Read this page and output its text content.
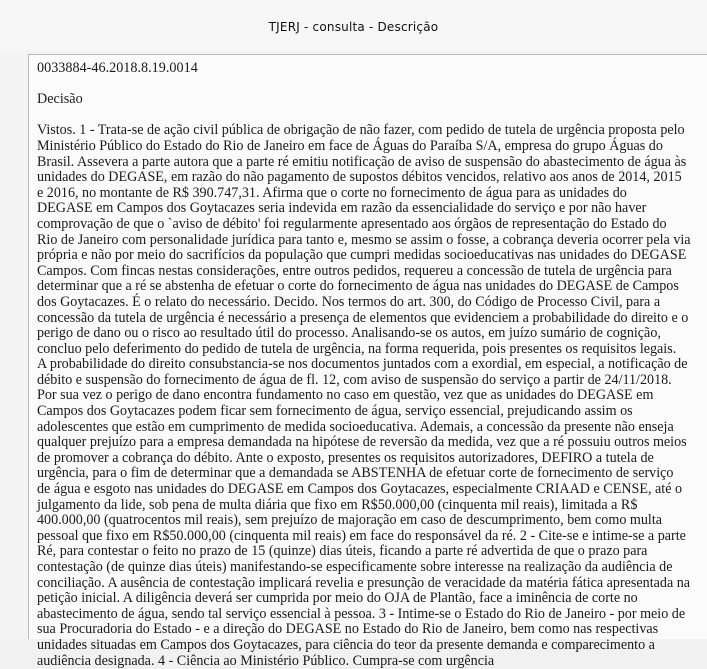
TJERJ - consulta - Descrição
0033884-46.2018.8.19.0014
Decisão
Vistos. 1 - Trata-se de ação civil pública de obrigação de não fazer, com pedido de tutela de urgência proposta pelo
Ministério Público do Estado do Rio de Janeiro em face de Águas do Paraíba S/A, empresa do grupo Águas do
Brasil. Assevera a parte autora que a parte ré emitiu notificação de aviso de suspensão do abastecimento de água às
unidades do DEGASE, em razão do não pagamento de supostos débitos vencidos, relativo aos anos de 2014, 2015
e 2016, no montante de R$ 390.747,31. Afirma que o corte no fornecimento de água para as unidades do
DEGASE em Campos dos Goytacazes seria indevida em razão da essencialidade do serviço e por não haver
comprovação de que o `aviso de débito' foi regularmente apresentado aos órgãos de representação do Estado do
Rio de Janeiro com personalidade jurídica para tanto e, mesmo se assim o fosse, a cobrança deveria ocorrer pela via
própria e não por meio do sacrifícios da população que cumpri medidas socioeducativas nas unidades do DEGASE
Campos. Com fincas nestas considerações, entre outros pedidos, requereu a concessão de tutela de urgência para
determinar que a ré se abstenha de efetuar o corte do fornecimento de água nas unidades do DEGASE de Campos
dos Goytacazes. É o relato do necessário. Decido. Nos termos do art. 300, do Código de Processo Civil, para a
concessão da tutela de urgência é necessário a presença de elementos que evidenciem a probabilidade do direito e o
perigo de dano ou o risco ao resultado útil do processo. Analisando-se os autos, em juízo sumário de cognição,
concluo pelo deferimento do pedido de tutela de urgência, na forma requerida, pois presentes os requisitos legais.
A probabilidade do direito consubstancia-se nos documentos juntados com a exordial, em especial, a notificação de
débito e suspensão do fornecimento de água de fl. 12, com aviso de suspensão do serviço a partir de 24/11/2018.
Por sua vez o perigo de dano encontra fundamento no caso em questão, vez que as unidades do DEGASE em
Campos dos Goytacazes podem ficar sem fornecimento de água, serviço essencial, prejudicando assim os
adolescentes que estão em cumprimento de medida socioeducativa. Ademais, a concessão da presente não enseja
qualquer prejuízo para a empresa demandada na hipótese de reversão da medida, vez que a ré possuiu outros meios
de promover a cobrança do débito. Ante o exposto, presentes os requisitos autorizadores, DEFIRO a tutela de
urgência, para o fim de determinar que a demandada se ABSTENHA de efetuar corte de fornecimento de serviço
de água e esgoto nas unidades do DEGASE em Campos dos Goytacazes, especialmente CRIAAD e CENSE, até o
julgamento da lide, sob pena de multa diária que fixo em R$50.000,00 (cinquenta mil reais), limitada a R$
400.000,00 (quatrocentos mil reais), sem prejuízo de majoração em caso de descumprimento, bem como multa
pessoal que fixo em R$50.000,00 (cinquenta mil reais) em face do responsável da ré. 2 - Cite-se e intime-se a parte
Ré, para contestar o feito no prazo de 15 (quinze) dias úteis, ficando a parte ré advertida de que o prazo para
contestação (de quinze dias úteis) manifestando-se especificamente sobre interesse na realização da audiência de
conciliação. A ausência de contestação implicará revelia e presunção de veracidade da matéria fática apresentada na
petição inicial. A diligência deverá ser cumprida por meio do OJA de Plantão, face a iminência de corte no
abastecimento de água, sendo tal serviço essencial à pessoa. 3 - Intime-se o Estado do Rio de Janeiro - por meio de
sua Procuradoria do Estado - e a direção do DEGASE no Estado do Rio de Janeiro, bem como nas respectivas
unidades situadas em Campos dos Goytacazes, para ciência do teor da presente demanda e comparecimento a
audiência designada. 4 - Ciência ao Ministério Público. Cumpra-se com urgência
